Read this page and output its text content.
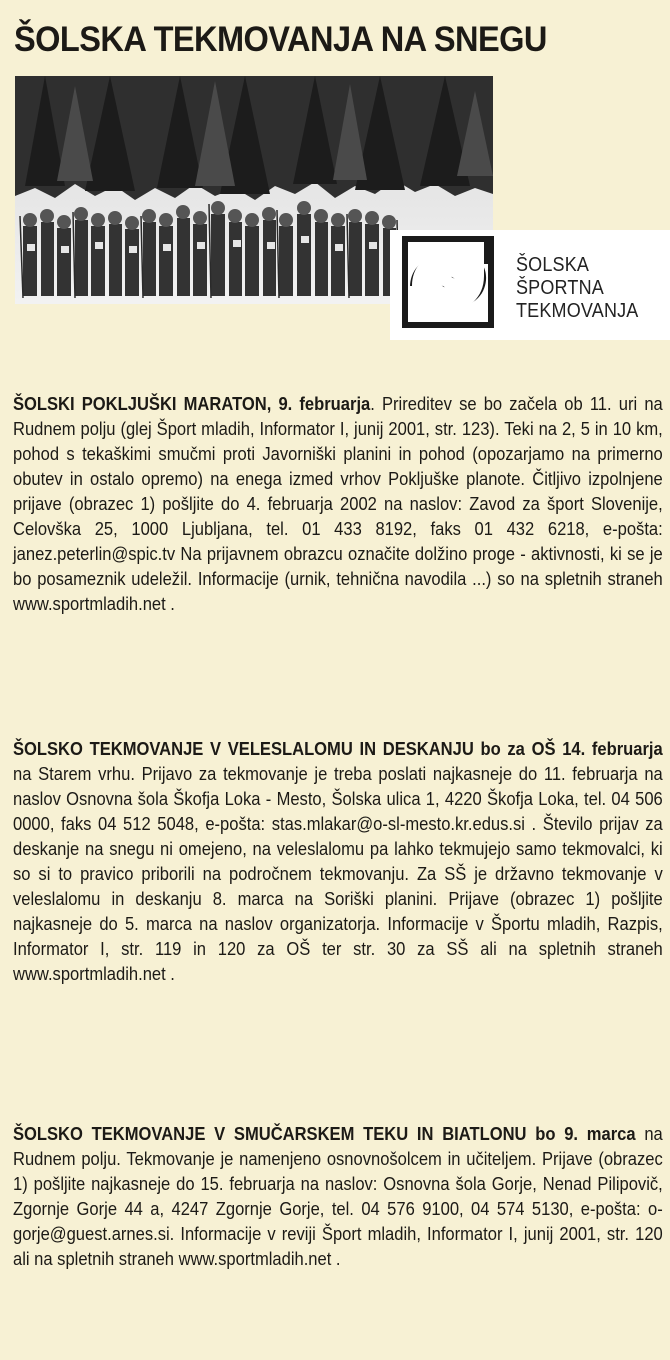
ŠOLSKA TEKMOVANJA NA SNEGU
ŠOLSKA
ŠPORTNA
TEKMOVANJA
ŠOLSKI POKLJUŠKI MARATON, 9. februarja. Prireditev se bo začela ob 11. uri na Rudnem polju (glej Šport mladih, Informator I, junij 2001, str. 123). Teki na 2, 5 in 10 km, pohod s tekaškimi smučmi proti Javorniški planini in pohod (opozarjamo na primerno obutev in ostalo opremo) na enega izmed vrhov Pokljuške planote. Čitljivo izpolnjene prijave (obrazec 1) pošljite do 4. februarja 2002 na naslov: Zavod za šport Slovenije, Celovška 25, 1000 Ljubljana, tel. 01 433 8192, faks 01 432 6218, e-pošta: janez.peterlin@spic.tv Na prijavnem obrazcu označite dolžino proge - aktivnosti, ki se je bo posameznik udeležil. Informacije (urnik, tehnična navodila ...) so na spletnih straneh www.sportmladih.net .
ŠOLSKO TEKMOVANJE V VELESLALOMU IN DESKANJU bo za OŠ 14. februarja na Starem vrhu. Prijavo za tekmovanje je treba poslati najkasneje do 11. februarja na naslov Osnovna šola Škofja Loka - Mesto, Šolska ulica 1, 4220 Škofja Loka, tel. 04 506 0000, faks 04 512 5048, e-pošta: stas.mlakar@o-sl-mesto.kr.edus.si . Število prijav za deskanje na snegu ni omejeno, na veleslalomu pa lahko tekmujejo samo tekmovalci, ki so si to pravico priborili na področnem tekmovanju. Za SŠ je državno tekmovanje v veleslalomu in deskanju 8. marca na Soriški planini. Prijave (obrazec 1) pošljite najkasneje do 5. marca na naslov organizatorja. Informacije v Športu mladih, Razpis, Informator I, str. 119 in 120 za OŠ ter str. 30 za SŠ ali na spletnih straneh www.sportmladih.net .
ŠOLSKO TEKMOVANJE V SMUČARSKEM TEKU IN BIATLONU bo 9. marca na Rudnem polju. Tekmovanje je namenjeno osnovnošolcem in učiteljem. Prijave (obrazec 1) pošljite najkasneje do 15. februarja na naslov: Osnovna šola Gorje, Nenad Pilipovič, Zgornje Gorje 44 a, 4247 Zgornje Gorje, tel. 04 576 9100, 04 574 5130, e-pošta: o-gorje@guest.arnes.si. Informacije v reviji Šport mladih, Informator I, junij 2001, str. 120 ali na spletnih straneh www.sportmladih.net .
